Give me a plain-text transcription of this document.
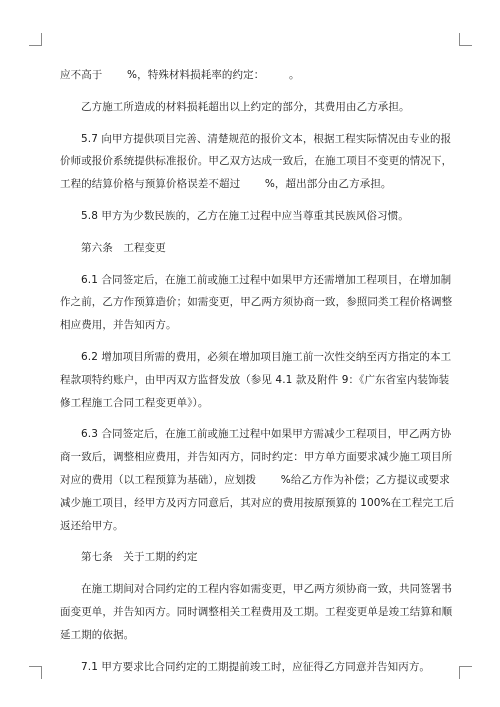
应不高于 　　%，特殊材料损耗率的约定： 　　。

乙方施工所造成的材料损耗超出以上约定的部分，其费用由乙方承担。

5.7 向甲方提供项目完善、清楚规范的报价文本，根据工程实际情况由专业的报
价师或报价系统提供标准报价。甲乙双方达成一致后，在施工项目不变更的情况下，
工程的结算价格与预算价格误差不超过 　　%，超出部分由乙方承担。

5.8 甲方为少数民族的，乙方在施工过程中应当尊重其民族风俗习惯。

第六条　工程变更

6.1 合同签定后，在施工前或施工过程中如果甲方还需增加工程项目，在增加制
作之前，乙方作预算造价；如需变更，甲乙两方须协商一致，参照同类工程价格调整
相应费用，并告知丙方。

6.2 增加项目所需的费用，必须在增加项目施工前一次性交纳至丙方指定的本工
程款项特约账户，由甲丙双方监督发放（参见 4.1 款及附件 9：《广东省室内装饰装
修工程施工合同工程变更单》）。

6.3 合同签定后，在施工前或施工过程中如果甲方需减少工程项目，甲乙两方协
商一致后，调整相应费用，并告知丙方，同时约定：甲方单方面要求减少施工项目所
对应的费用（以工程预算为基础），应划拨 　　%给乙方作为补偿；乙方提议或要求
减少施工项目，经甲方及丙方同意后，其对应的费用按原预算的 100%在工程完工后
返还给甲方。

第七条　关于工期的约定

在施工期间对合同约定的工程内容如需变更，甲乙两方须协商一致，共同签署书
面变更单，并告知丙方。同时调整相关工程费用及工期。工程变更单是竣工结算和顺
延工期的依据。

7.1 甲方要求比合同约定的工期提前竣工时，应征得乙方同意并告知丙方。
